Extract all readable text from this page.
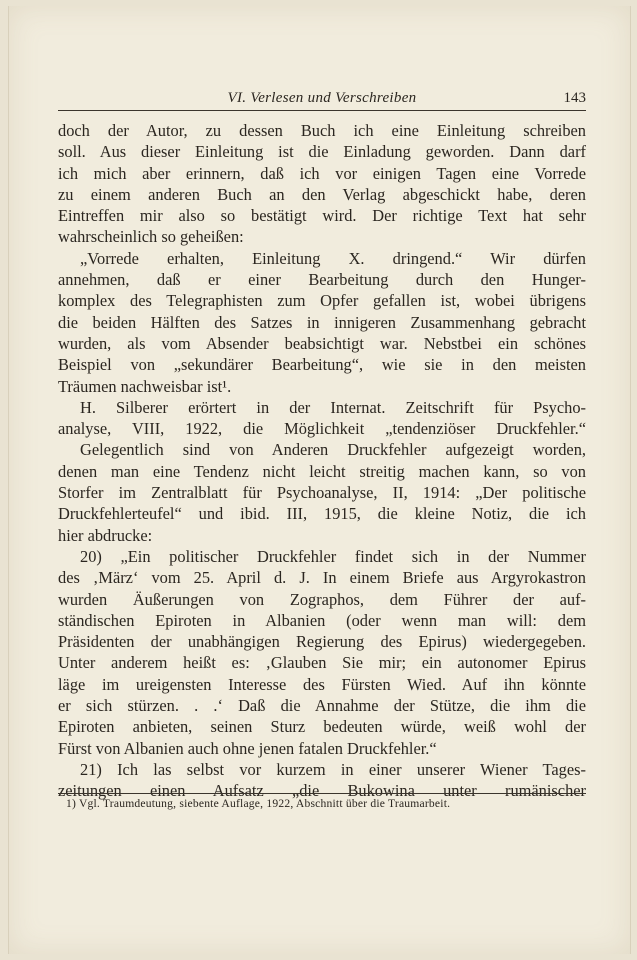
VI. Verlesen und Verschreiben	143
doch der Autor, zu dessen Buch ich eine Einleitung schreiben
soll. Aus dieser Einleitung ist die Einladung geworden. Dann darf
ich mich aber erinnern, daß ich vor einigen Tagen eine Vorrede
zu einem anderen Buch an den Verlag abgeschickt habe, deren
Eintreffen mir also so bestätigt wird. Der richtige Text hat sehr
wahrscheinlich so geheißen:
„Vorrede erhalten, Einleitung X. dringend.“ Wir dürfen
annehmen, daß er einer Bearbeitung durch den Hunger-
komplex des Telegraphisten zum Opfer gefallen ist, wobei übrigens
die beiden Hälften des Satzes in innigeren Zusammenhang gebracht
wurden, als vom Absender beabsichtigt war. Nebstbei ein schönes
Beispiel von „sekundärer Bearbeitung“, wie sie in den meisten
Träumen nachweisbar ist¹.
H. Silberer erörtert in der Internat. Zeitschrift für Psycho-
analyse, VIII, 1922, die Möglichkeit „tendenziöser Druckfehler.“
Gelegentlich sind von Anderen Druckfehler aufgezeigt worden,
denen man eine Tendenz nicht leicht streitig machen kann, so von
Storfer im Zentralblatt für Psychoanalyse, II, 1914: „Der politische
Druckfehlerteufel“ und ibid. III, 1915, die kleine Notiz, die ich
hier abdrucke:
20) „Ein politischer Druckfehler findet sich in der Nummer
des ‚März‘ vom 25. April d. J. In einem Briefe aus Argyrokastron
wurden Äußerungen von Zographos, dem Führer der auf-
ständischen Epiroten in Albanien (oder wenn man will: dem
Präsidenten der unabhängigen Regierung des Epirus) wiedergegeben.
Unter anderem heißt es: ‚Glauben Sie mir; ein autonomer Epirus
läge im ureigensten Interesse des Fürsten Wied. Auf ihn könnte
er sich stürzen. . .‘ Daß die Annahme der Stütze, die ihm die
Epiroten anbieten, seinen Sturz bedeuten würde, weiß wohl der
Fürst von Albanien auch ohne jenen fatalen Druckfehler.“
21) Ich las selbst vor kurzem in einer unserer Wiener Tages-
zeitungen einen Aufsatz „die Bukowina unter rumänischer
1) Vgl. Traumdeutung, siebente Auflage, 1922, Abschnitt über die Traumarbeit.
